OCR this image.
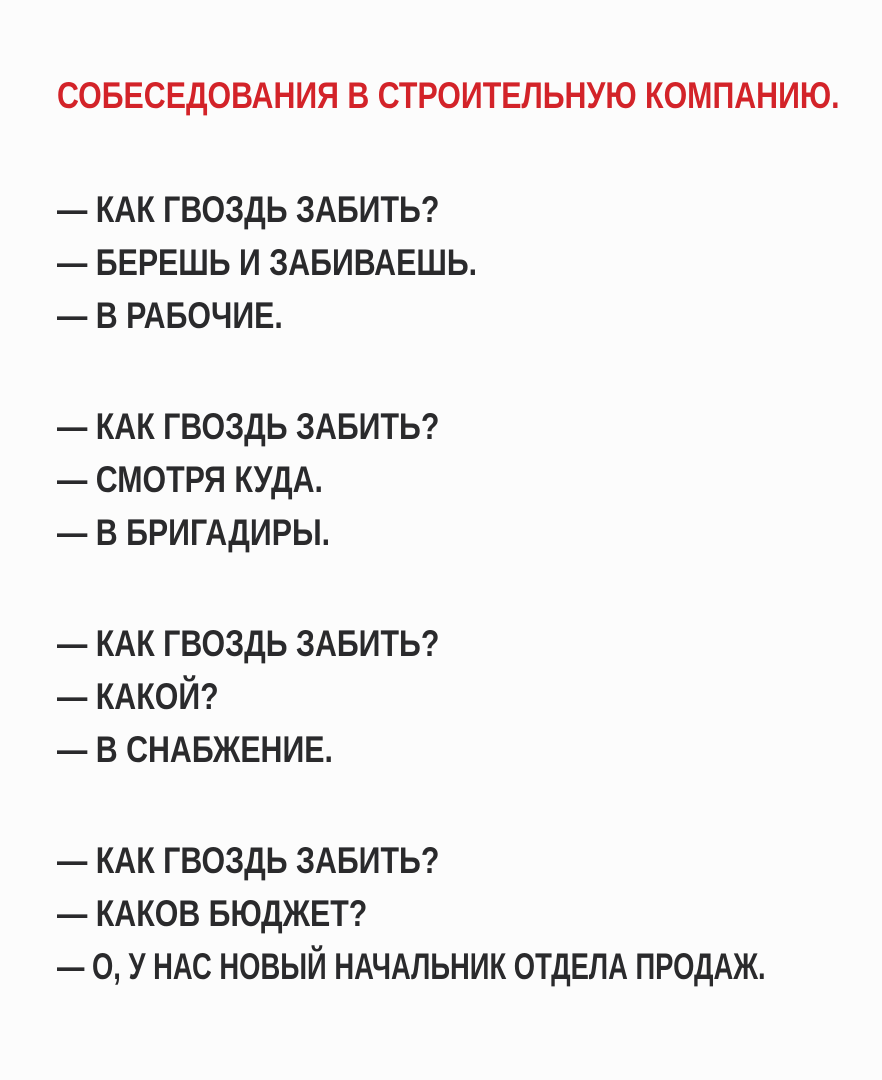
СОБЕСЕДОВАНИЯ В СТРОИТЕЛЬНУЮ КОМПАНИЮ.
— КАК ГВОЗДЬ ЗАБИТЬ?
— БЕРЕШЬ И ЗАБИВАЕШЬ.
— В РАБОЧИЕ.
— КАК ГВОЗДЬ ЗАБИТЬ?
— СМОТРЯ КУДА.
— В БРИГАДИРЫ.
— КАК ГВОЗДЬ ЗАБИТЬ?
— КАКОЙ?
— В СНАБЖЕНИЕ.
— КАК ГВОЗДЬ ЗАБИТЬ?
— КАКОВ БЮДЖЕТ?
— О, У НАС НОВЫЙ НАЧАЛЬНИК ОТДЕЛА ПРОДАЖ.
